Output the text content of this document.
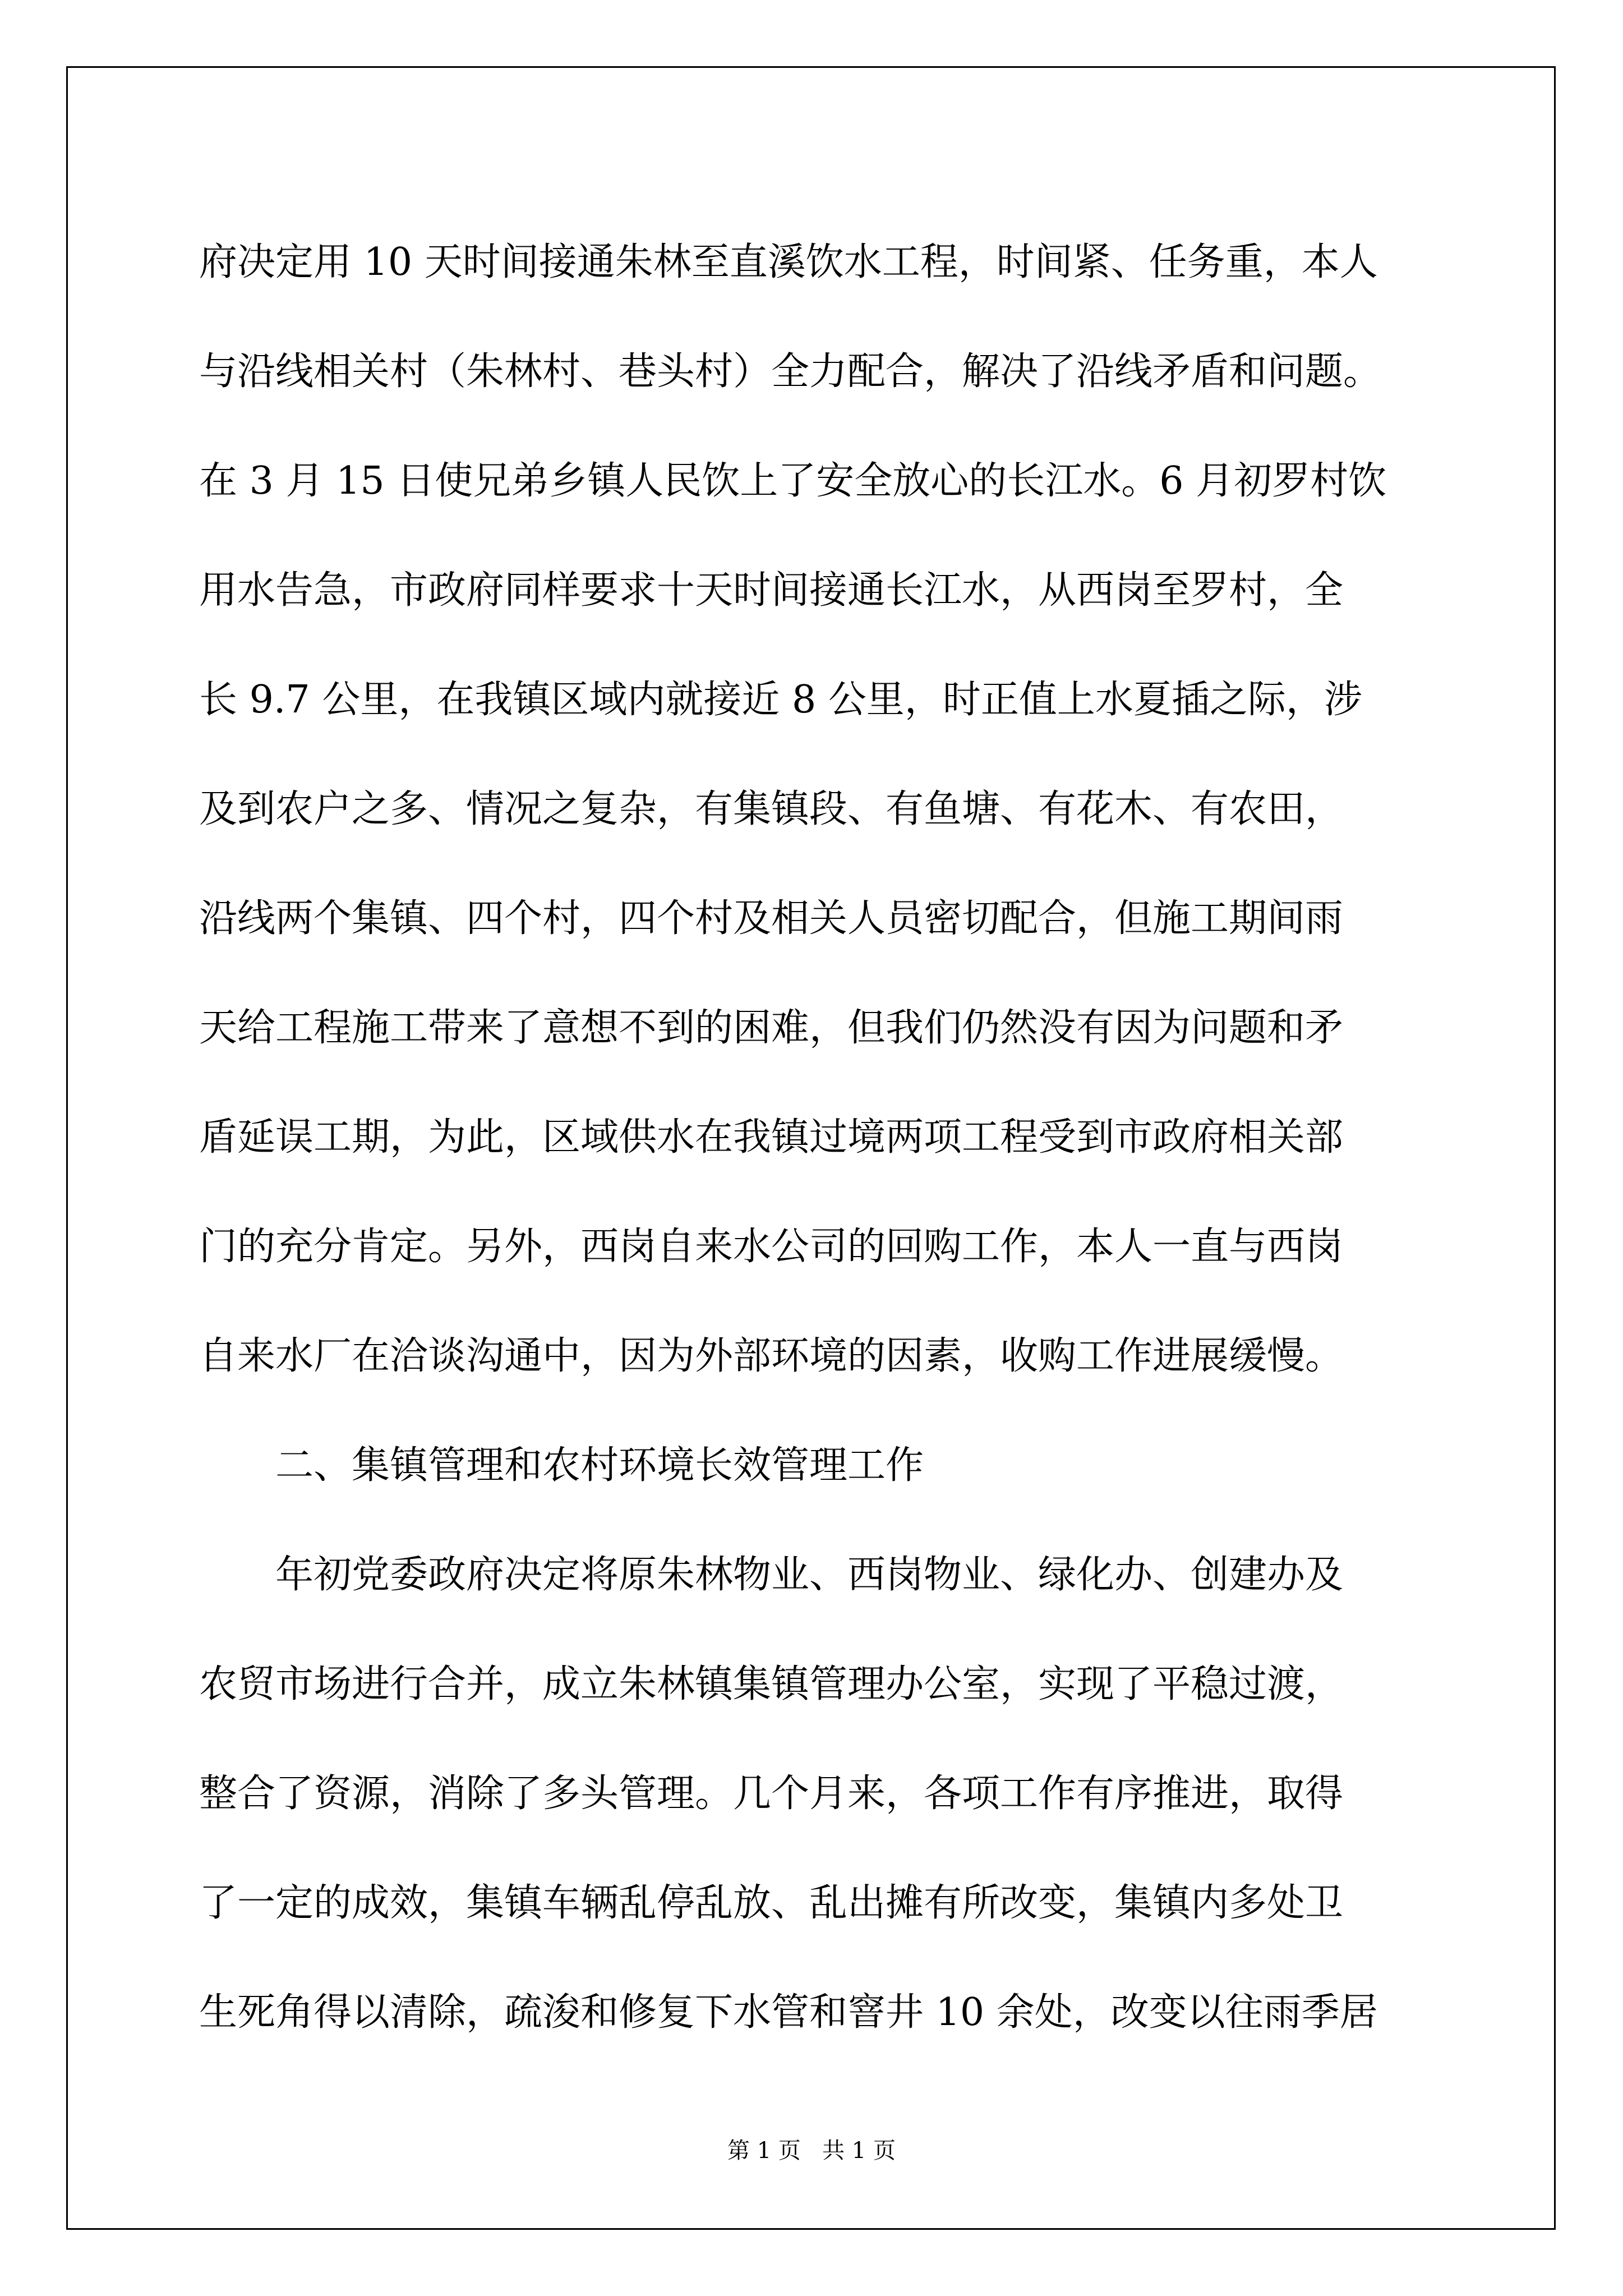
府决定用 10 天时间接通朱林至直溪饮水工程，时间紧、任务重，本人
与沿线相关村（朱林村、巷头村）全力配合，解决了沿线矛盾和问题。
在 3 月 15 日使兄弟乡镇人民饮上了安全放心的长江水。6 月初罗村饮
用水告急，市政府同样要求十天时间接通长江水，从西岗至罗村，全
长 9.7 公里，在我镇区域内就接近 8 公里，时正值上水夏插之际，涉
及到农户之多、情况之复杂，有集镇段、有鱼塘、有花木、有农田，
沿线两个集镇、四个村，四个村及相关人员密切配合，但施工期间雨
天给工程施工带来了意想不到的困难，但我们仍然没有因为问题和矛
盾延误工期，为此，区域供水在我镇过境两项工程受到市政府相关部
门的充分肯定。另外，西岗自来水公司的回购工作，本人一直与西岗
自来水厂在洽谈沟通中，因为外部环境的因素，收购工作进展缓慢。
二、集镇管理和农村环境长效管理工作
年初党委政府决定将原朱林物业、西岗物业、绿化办、创建办及
农贸市场进行合并，成立朱林镇集镇管理办公室，实现了平稳过渡，
整合了资源，消除了多头管理。几个月来，各项工作有序推进，取得
了一定的成效，集镇车辆乱停乱放、乱出摊有所改变，集镇内多处卫
生死角得以清除，疏浚和修复下水管和窨井 10 余处，改变以往雨季居
第 1 页 共 1 页
